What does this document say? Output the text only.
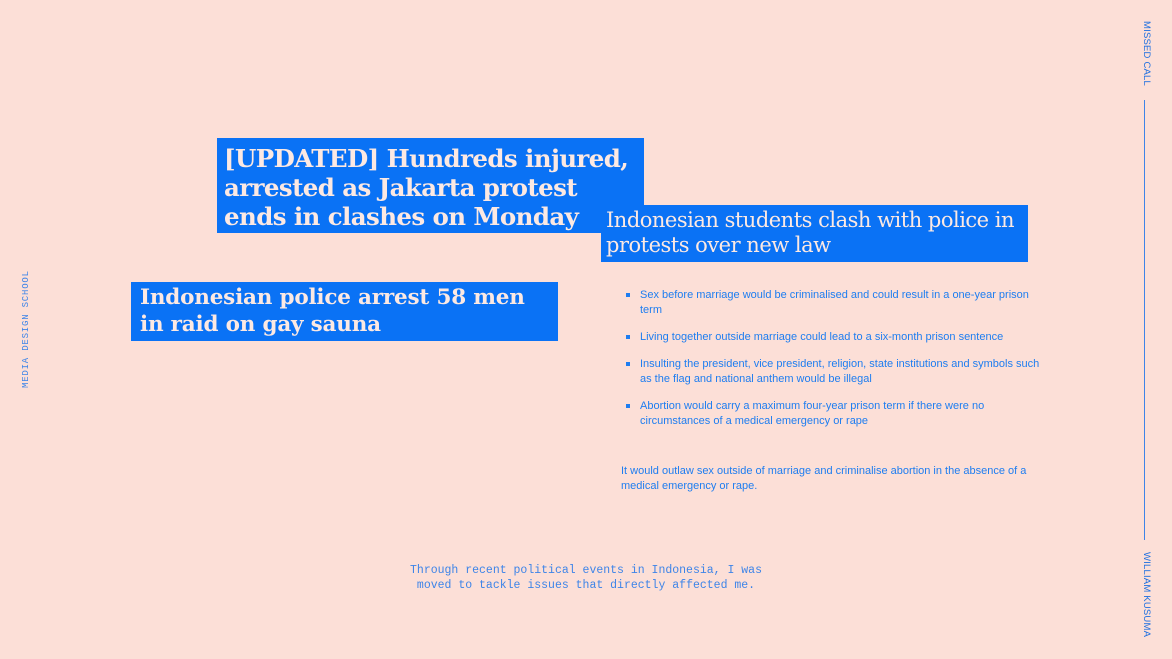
MEDIA DESIGN SCHOOL
MISSED CALL
WILLIAM KUSUMA
[UPDATED] Hundreds injured, arrested as Jakarta protest ends in clashes on Monday	Indonesian students clash with police in protests over new law
Indonesian police arrest 58 men in raid on gay sauna
Sex before marriage would be criminalised and could result in a one-year prison term
Living together outside marriage could lead to a six-month prison sentence
Insulting the president, vice president, religion, state institutions and symbols such as the flag and national anthem would be illegal
Abortion would carry a maximum four-year prison term if there were no circumstances of a medical emergency or rape

It would outlaw sex outside of marriage and criminalise abortion in the absence of a medical emergency or rape.

Through recent political events in Indonesia, I was
moved to tackle issues that directly affected me.
